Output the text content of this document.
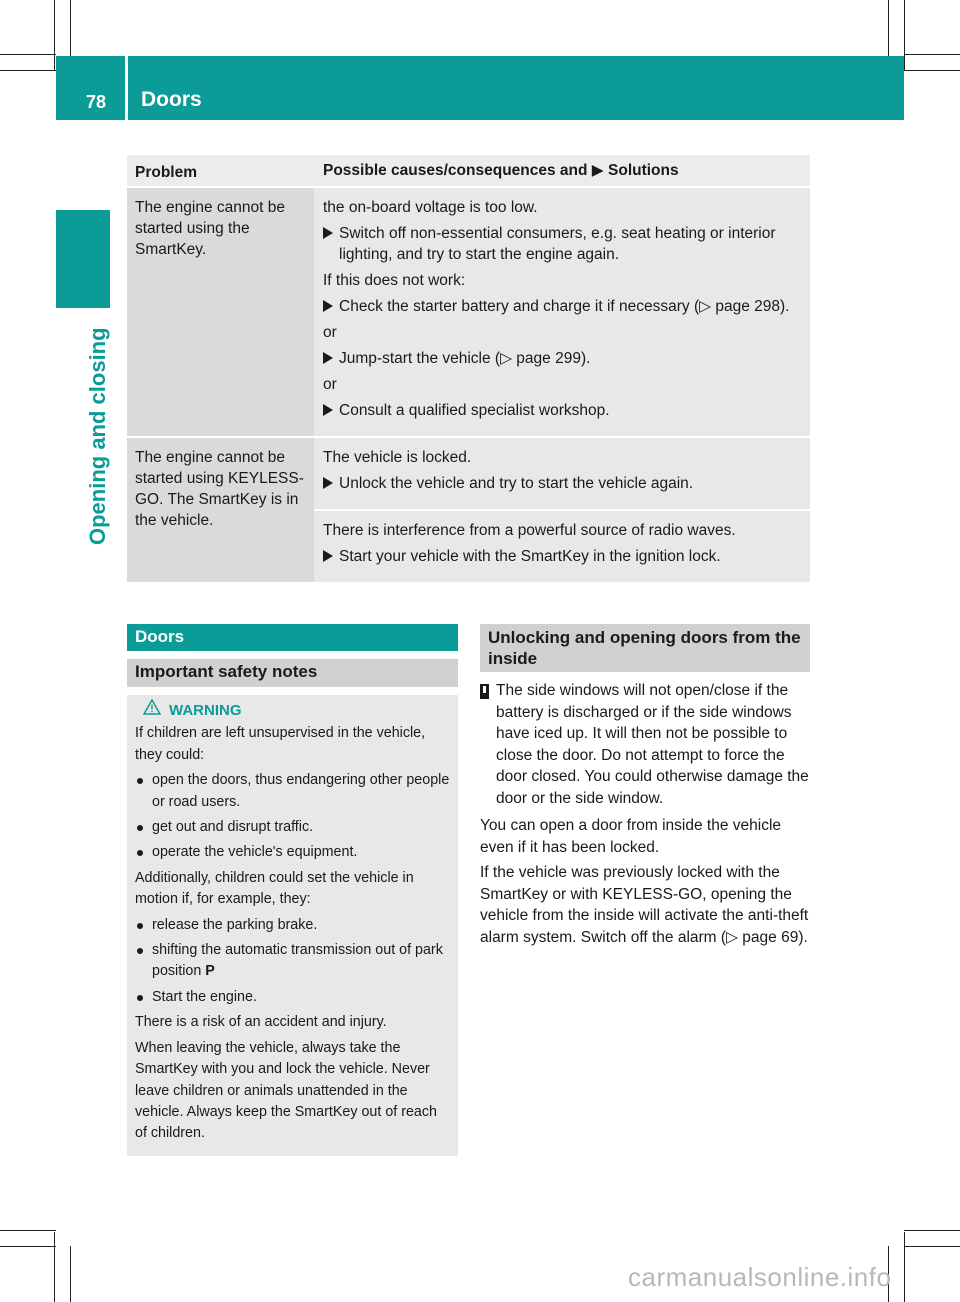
78	Doors
Opening and closing
Problem	Possible causes/consequences and ▶ Solutions
The engine cannot be started using the SmartKey.
the on-board voltage is too low.
Switch off non-essential consumers, e.g. seat heating or interior lighting, and try to start the engine again.
If this does not work:
Check the starter battery and charge it if necessary (▷ page 298).
or
Jump-start the vehicle (▷ page 299).
or
Consult a qualified specialist workshop.
The engine cannot be started using KEYLESS-GO. The SmartKey is in the vehicle.
The vehicle is locked.
Unlock the vehicle and try to start the vehicle again.
There is interference from a powerful source of radio waves.
Start your vehicle with the SmartKey in the ignition lock.
Doors
Important safety notes
WARNING
If children are left unsupervised in the vehicle, they could:
open the doors, thus endangering other people or road users.
get out and disrupt traffic.
operate the vehicle's equipment.
Additionally, children could set the vehicle in motion if, for example, they:
release the parking brake.
shifting the automatic transmission out of park position P
Start the engine.
There is a risk of an accident and injury.
When leaving the vehicle, always take the SmartKey with you and lock the vehicle. Never leave children or animals unattended in the vehicle. Always keep the SmartKey out of reach of children.
Unlocking and opening doors from the inside
The side windows will not open/close if the battery is discharged or if the side windows have iced up. It will then not be possible to close the door. Do not attempt to force the door closed. You could otherwise damage the door or the side window.
You can open a door from inside the vehicle even if it has been locked.
If the vehicle was previously locked with the SmartKey or with KEYLESS-GO, opening the vehicle from the inside will activate the anti-theft alarm system. Switch off the alarm (▷ page 69).
carmanualsonline.info
